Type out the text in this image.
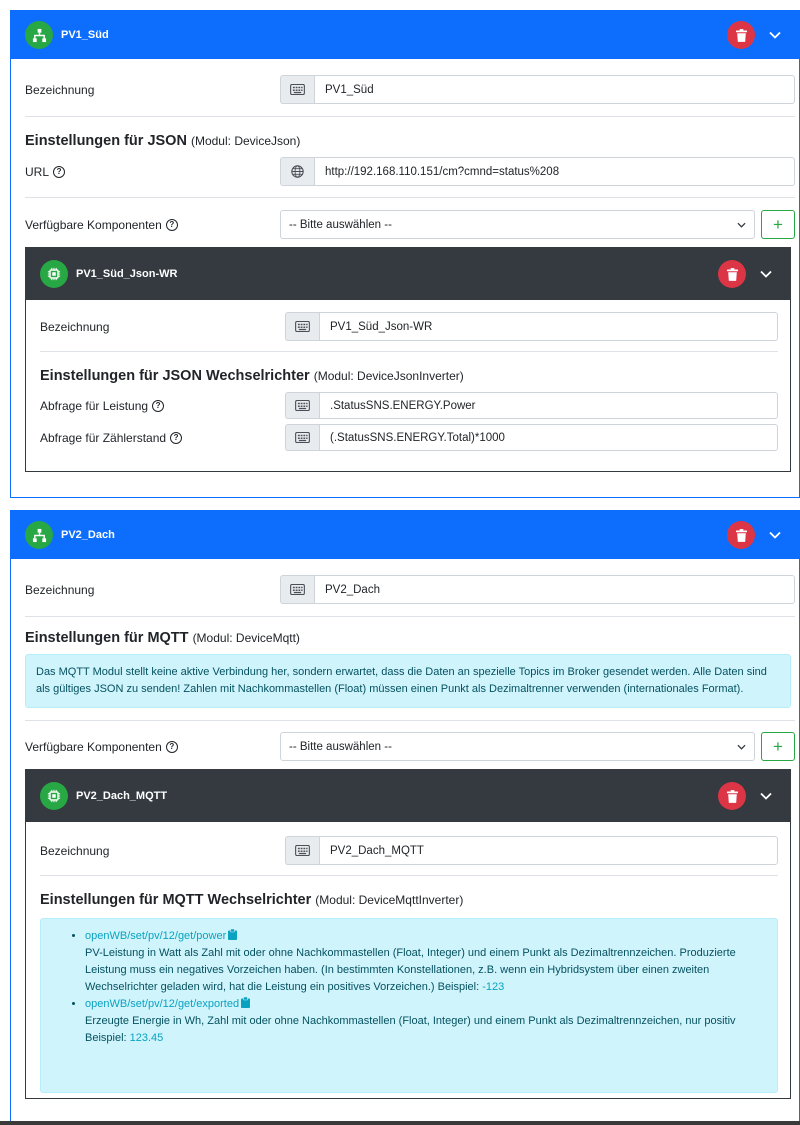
PV1_Süd
Bezeichnung	PV1_Süd
Einstellungen für JSON (Modul: DeviceJson)
URL ?	http://192.168.110.151/cm?cmnd=status%208
Verfügbare Komponenten ?	-- Bitte auswählen --	+
PV1_Süd_Json-WR
Bezeichnung	PV1_Süd_Json-WR
Einstellungen für JSON Wechselrichter (Modul: DeviceJsonInverter)
Abfrage für Leistung ?	.StatusSNS.ENERGY.Power
Abfrage für Zählerstand ?	(.StatusSNS.ENERGY.Total)*1000
PV2_Dach
Bezeichnung	PV2_Dach
Einstellungen für MQTT (Modul: DeviceMqtt)
Das MQTT Modul stellt keine aktive Verbindung her, sondern erwartet, dass die Daten an spezielle Topics im Broker gesendet werden. Alle Daten sind als gültiges JSON zu senden! Zahlen mit Nachkommastellen (Float) müssen einen Punkt als Dezimaltrenner verwenden (internationales Format).
Verfügbare Komponenten ?	-- Bitte auswählen --	+
PV2_Dach_MQTT
Bezeichnung	PV2_Dach_MQTT
Einstellungen für MQTT Wechselrichter (Modul: DeviceMqttInverter)
• openWB/set/pv/12/get/power
PV-Leistung in Watt als Zahl mit oder ohne Nachkommastellen (Float, Integer) und einem Punkt als Dezimaltrennzeichen. Produzierte Leistung muss ein negatives Vorzeichen haben. (In bestimmten Konstellationen, z.B. wenn ein Hybridsystem über einen zweiten Wechselrichter geladen wird, hat die Leistung ein positives Vorzeichen.) Beispiel: -123
• openWB/set/pv/12/get/exported
Erzeugte Energie in Wh, Zahl mit oder ohne Nachkommastellen (Float, Integer) und einem Punkt als Dezimaltrennzeichen, nur positiv
Beispiel: 123.45
